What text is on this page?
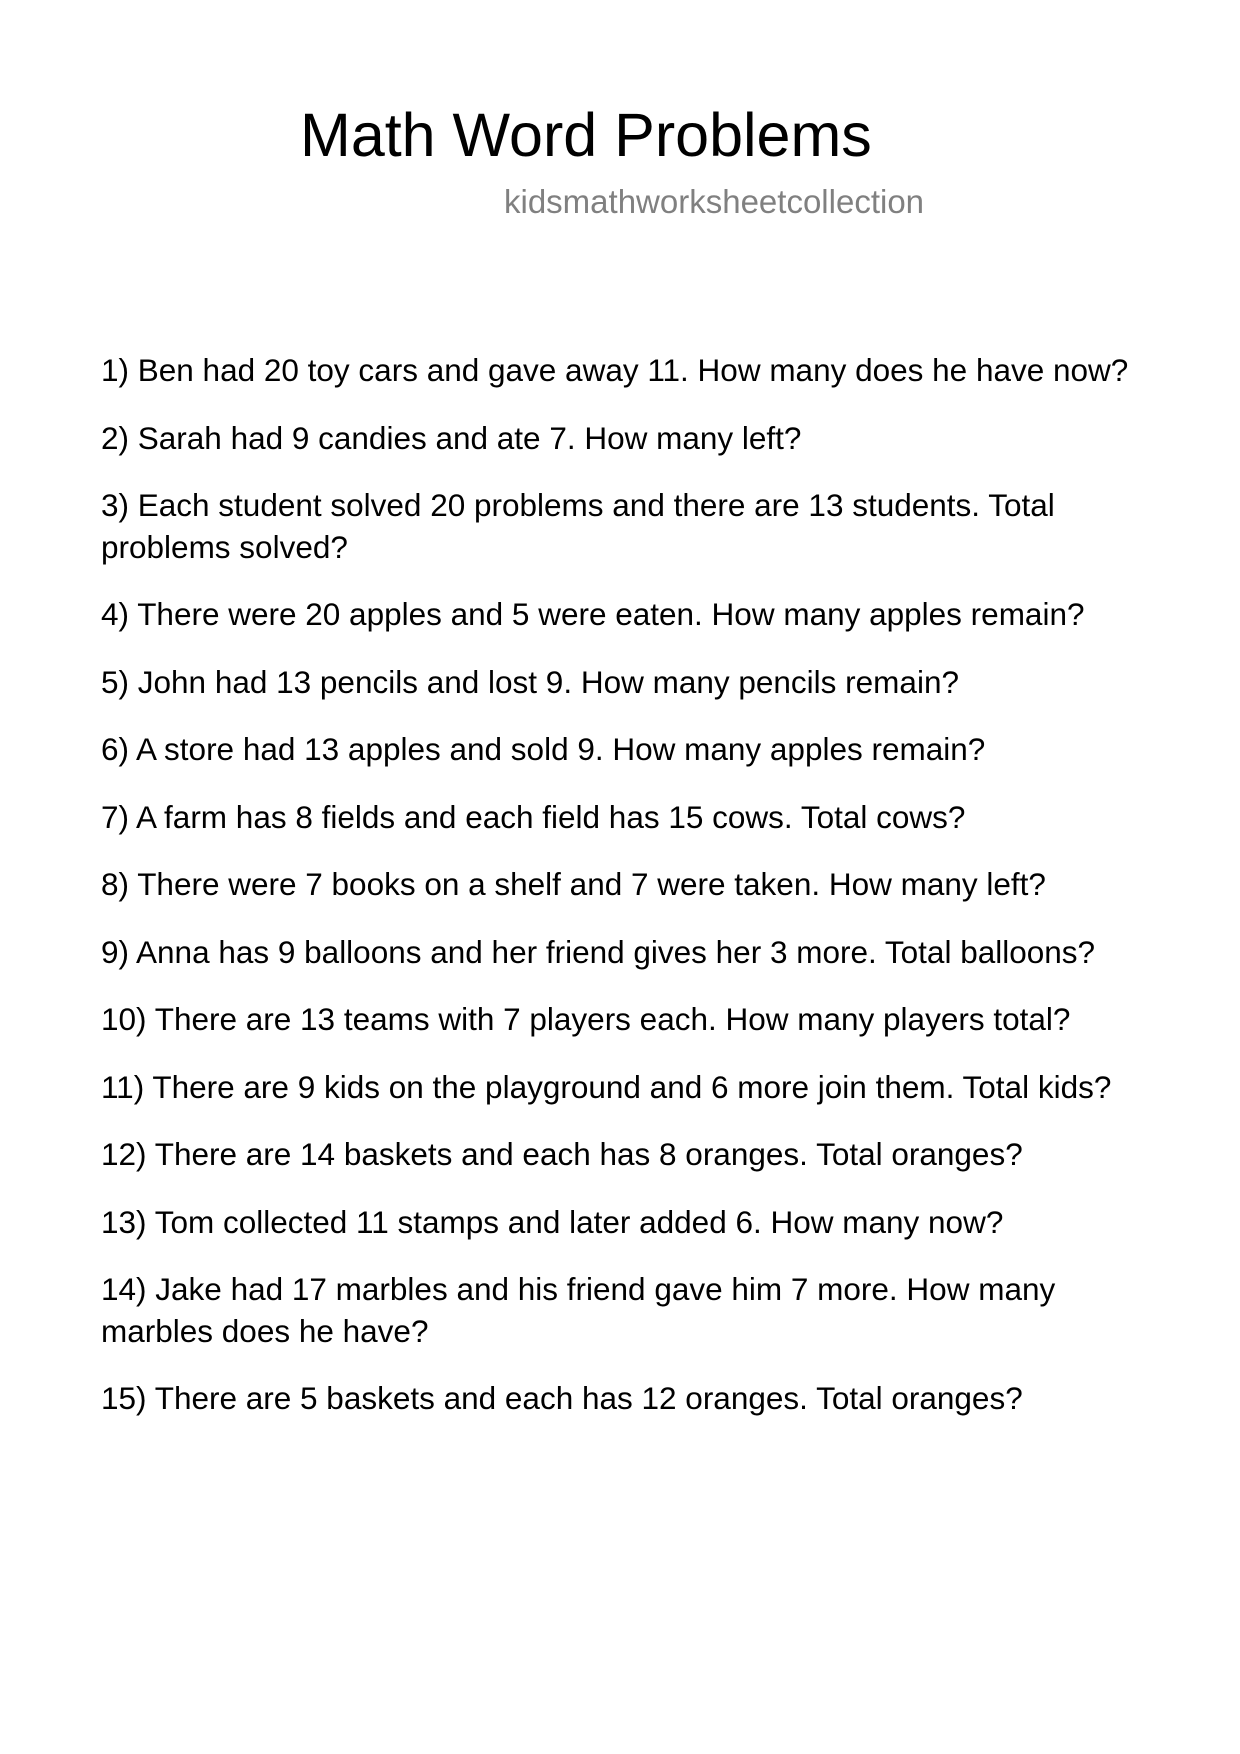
Math Word Problems
kidsmathworksheetcollection
1) Ben had 20 toy cars and gave away 11. How many does he have now?
2) Sarah had 9 candies and ate 7. How many left?
3) Each student solved 20 problems and there are 13 students. Total problems solved?
4) There were 20 apples and 5 were eaten. How many apples remain?
5) John had 13 pencils and lost 9. How many pencils remain?
6) A store had 13 apples and sold 9. How many apples remain?
7) A farm has 8 fields and each field has 15 cows. Total cows?
8) There were 7 books on a shelf and 7 were taken. How many left?
9) Anna has 9 balloons and her friend gives her 3 more. Total balloons?
10) There are 13 teams with 7 players each. How many players total?
11) There are 9 kids on the playground and 6 more join them. Total kids?
12) There are 14 baskets and each has 8 oranges. Total oranges?
13) Tom collected 11 stamps and later added 6. How many now?
14) Jake had 17 marbles and his friend gave him 7 more. How many marbles does he have?
15) There are 5 baskets and each has 12 oranges. Total oranges?
